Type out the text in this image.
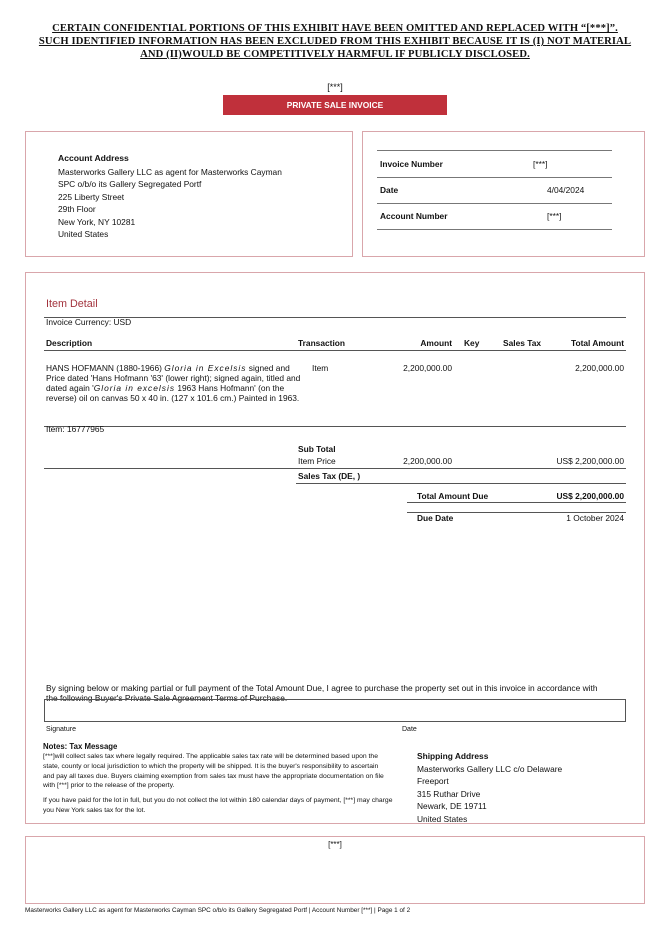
CERTAIN CONFIDENTIAL PORTIONS OF THIS EXHIBIT HAVE BEEN OMITTED AND REPLACED WITH “[***]”.
SUCH IDENTIFIED INFORMATION HAS BEEN EXCLUDED FROM THIS EXHIBIT BECAUSE IT IS (I) NOT MATERIAL
AND (II)WOULD BE COMPETITIVELY HARMFUL IF PUBLICLY DISCLOSED.
[***]
PRIVATE SALE INVOICE
Account Address
Masterworks Gallery LLC as agent for Masterworks Cayman
SPC o/b/o its Gallery Segregated Portf
225 Liberty Street
29th Floor
New York, NY 10281
United States
Invoice Number	[***]
Date	4/04/2024
Account Number	[***]
Item Detail
Invoice Currency: USD
Description	Transaction	Amount Key	Sales Tax	Total Amount
HANS HOFMANN (1880-1966) Gloria in Excelsis signed and Price dated 'Hans Hofmann '63' (lower right); signed again, titled and dated again 'Gloria in excelsis 1963 Hans Hofmann' (on the reverse) oil on canvas 50 x 40 in. (127 x 101.6 cm.) Painted in 1963.
Item	2,200,000.00	2,200,000.00
Item: 16777965
Sub Total
Item Price	2,200,000.00	US$ 2,200,000.00
Sales Tax (DE, )
Total Amount Due	US$ 2,200,000.00
Due Date	1 October 2024
By signing below or making partial or full payment of the Total Amount Due, I agree to purchase the property set out in this invoice in accordance with the following Buyer's Private Sale Agreement Terms of Purchase.
Signature	Date
Notes: Tax Message
[***]will collect sales tax where legally required. The applicable sales tax rate will be determined based upon the state, county or local jurisdiction to which the property will be shipped. It is the buyer's responsibility to ascertain and pay all taxes due. Buyers claiming exemption from sales tax must have the appropriate documentation on file with [***] prior to the release of the property.
If you have paid for the lot in full, but you do not collect the lot within 180 calendar days of payment, [***] may charge you New York sales tax for the lot.
Shipping Address
Masterworks Gallery LLC c/o Delaware
Freeport
315 Ruthar Drive
Newark, DE 19711
United States
[***]
Masterworks Gallery LLC as agent for Masterworks Cayman SPC o/b/o its Gallery Segregated Portf | Account Number [***] | Page 1 of 2
